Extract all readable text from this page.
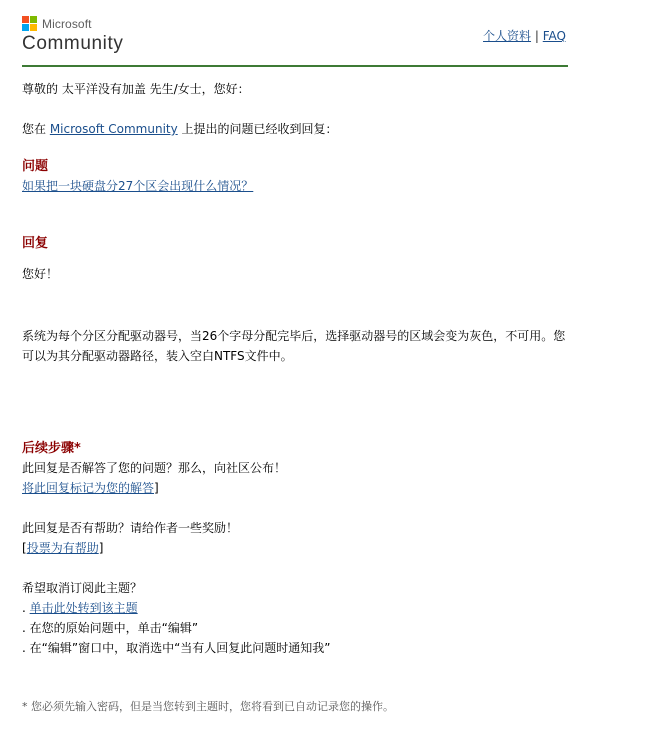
Microsoft
Community	个人资料 | FAQ
尊敬的 太平洋没有加盖 先生/女士，您好：
您在 Microsoft Community 上提出的问题已经收到回复：
问题
如果把一块硬盘分27个区会出现什么情况？
回复
您好！
系统为每个分区分配驱动器号，当26个字母分配完毕后，选择驱动器号的区域会变为灰色，不可用。您可以为其分配驱动器路径，装入空白NTFS文件中。
后续步骤*
此回复是否解答了您的问题？那么，向社区公布！
将此回复标记为您的解答]
此回复是否有帮助？请给作者一些奖励！
[投票为有帮助]
希望取消订阅此主题？
. 单击此处转到该主题
. 在您的原始问题中，单击“编辑”
. 在“编辑”窗口中，取消选中“当有人回复此问题时通知我”
* 您必须先输入密码，但是当您转到主题时，您将看到已自动记录您的操作。
